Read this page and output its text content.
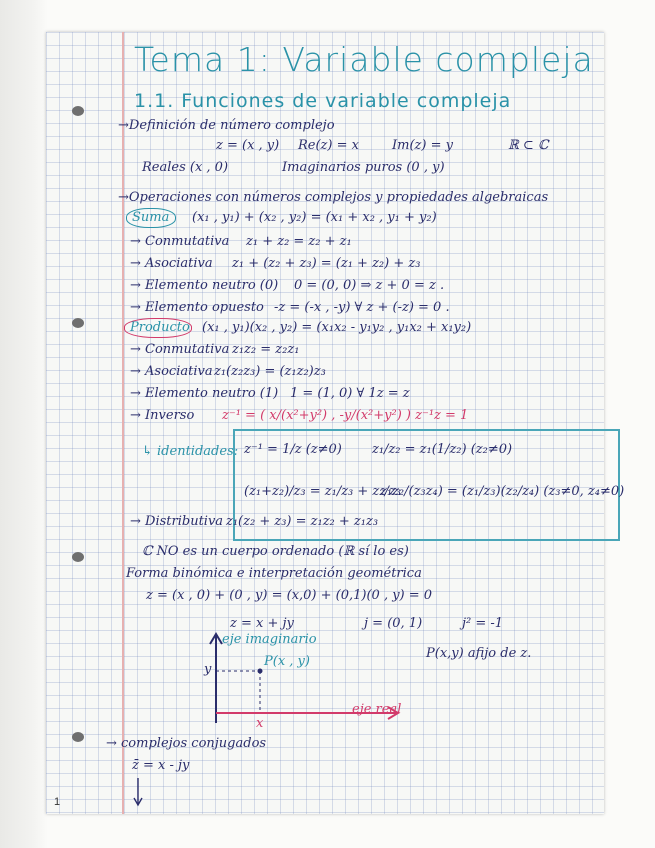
Tema 1: Variable compleja
1.1. Funciones de variable compleja
→Definición de número complejo
z = (x , y) Re(z) = x	Im(z) = y	ℝ ⊂ ℂ
Reales (x , 0)	Imaginarios puros (0 , y)
→Operaciones con números complejos y propiedades algebraicas
Suma (x₁ , y₁) + (x₂ , y₂) = (x₁ + x₂ , y₁ + y₂)
→ Conmutativa z₁ + z₂ = z₂ + z₁
→ Asociativa z₁ + (z₂ + z₃) = (z₁ + z₂) + z₃
→ Elemento neutro (0) 0 = (0, 0) ⇒ z + 0 = z .
→ Elemento opuesto -z = (-x , -y) ∀ z + (-z) = 0 .
Producto (x₁ , y₁)(x₂ , y₂) = (x₁x₂ - y₁y₂ , y₁x₂ + x₁y₂)
→ Conmutativa z₁z₂ = z₂z₁
→ Asociativa z₁(z₂z₃) = (z₁z₂)z₃
→ Elemento neutro (1) 1 = (1, 0) ∀ 1z = z
→ Inverso z⁻¹ = ( x/(x²+y²) , -y/(x²+y²) ) z⁻¹z = 1
↳ identidades: z⁻¹ = 1/z (z≠0) z₁/z₂ = z₁(1/z₂) (z₂≠0)
(z₁+z₂)/z₃ = z₁/z₃ + z₂/z₃
z₁z₂/(z₃z₄) = (z₁/z₃)(z₂/z₄) (z₃≠0, z₄≠0)
→ Distributiva z₁(z₂ + z₃) = z₁z₂ + z₁z₃
ℂ NO es un cuerpo ordenado (ℝ sí lo es)
Forma binómica e interpretación geométrica
z = (x , 0) + (0 , y) = (x,0) + (0,1)(0 , y) = 0
z = x + jy	j = (0, 1)	j² = -1
P(x,y) afijo de z.
eje imaginario
eje real
P(x , y)
y
x
→ complejos conjugados
z̄ = x - jy
1
